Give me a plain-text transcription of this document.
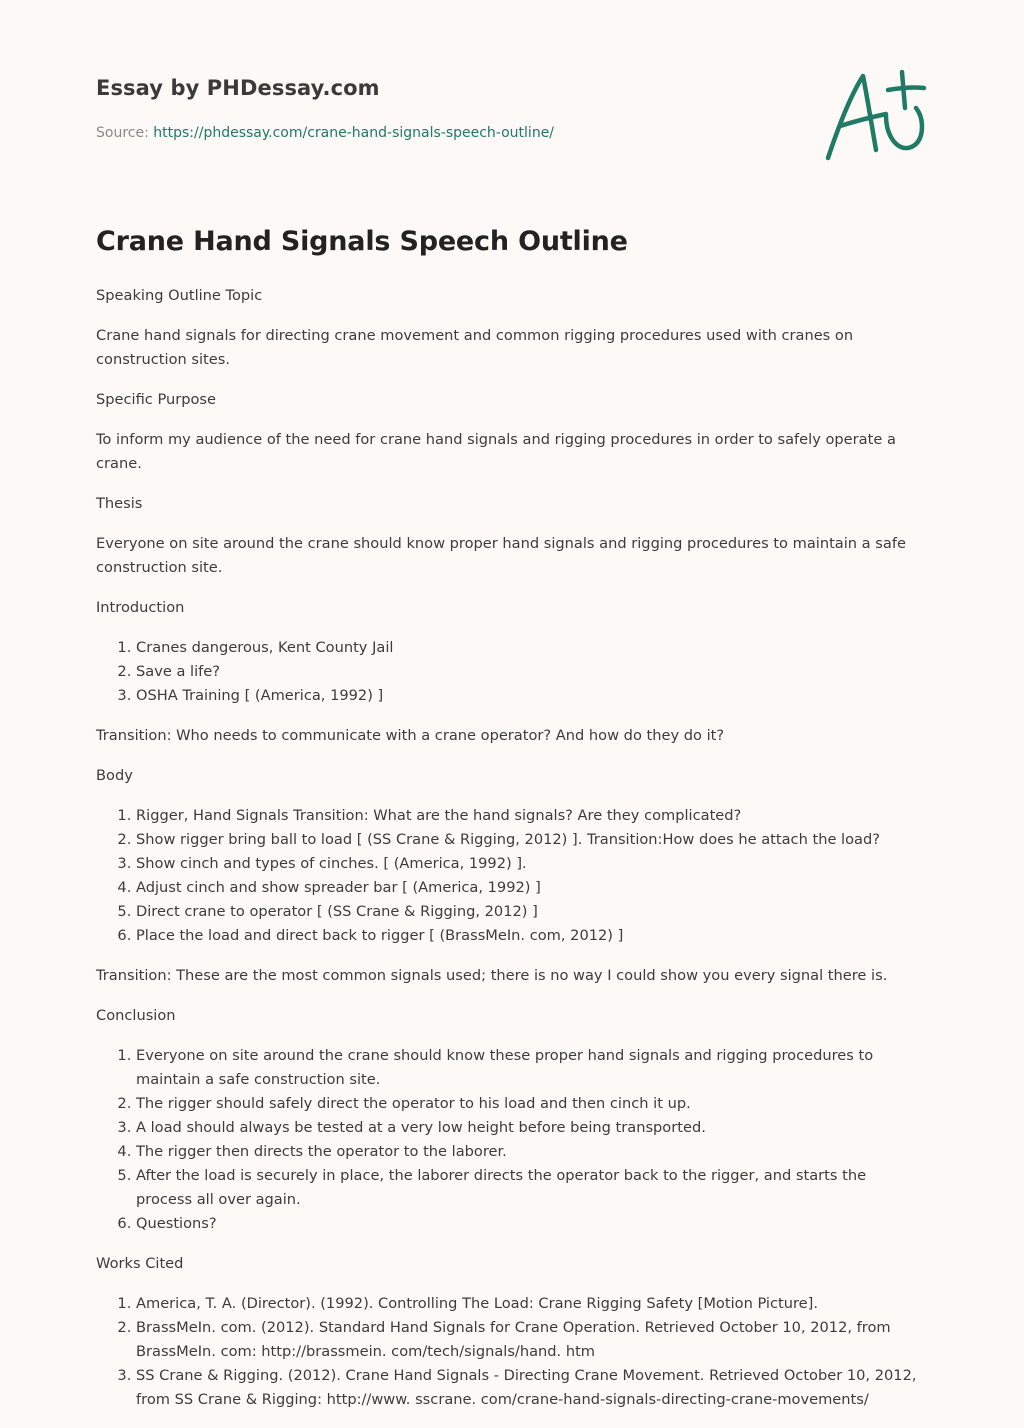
Essay by PHDessay.com
Source: https://phdessay.com/crane-hand-signals-speech-outline/
Crane Hand Signals Speech Outline

Speaking Outline Topic

Crane hand signals for directing crane movement and common rigging procedures used with cranes on construction sites.

Specific Purpose

To inform my audience of the need for crane hand signals and rigging procedures in order to safely operate a crane.

Thesis

Everyone on site around the crane should know proper hand signals and rigging procedures to maintain a safe construction site.

Introduction

1. Cranes dangerous, Kent County Jail
2. Save a life?
3. OSHA Training [ (America, 1992) ]

Transition: Who needs to communicate with a crane operator? And how do they do it?

Body

1. Rigger, Hand Signals Transition: What are the hand signals? Are they complicated?
2. Show rigger bring ball to load [ (SS Crane & Rigging, 2012) ]. Transition:How does he attach the load?
3. Show cinch and types of cinches. [ (America, 1992) ].
4. Adjust cinch and show spreader bar [ (America, 1992) ]
5. Direct crane to operator [ (SS Crane & Rigging, 2012) ]
6. Place the load and direct back to rigger [ (BrassMeIn. com, 2012) ]

Transition: These are the most common signals used; there is no way I could show you every signal there is.

Conclusion

1. Everyone on site around the crane should know these proper hand signals and rigging procedures to maintain a safe construction site.
2. The rigger should safely direct the operator to his load and then cinch it up.
3. A load should always be tested at a very low height before being transported.
4. The rigger then directs the operator to the laborer.
5. After the load is securely in place, the laborer directs the operator back to the rigger, and starts the process all over again.
6. Questions?

Works Cited

1. America, T. A. (Director). (1992). Controlling The Load: Crane Rigging Safety [Motion Picture].
2. BrassMeIn. com. (2012). Standard Hand Signals for Crane Operation. Retrieved October 10, 2012, from BrassMeIn. com: http://brassmein. com/tech/signals/hand. htm
3. SS Crane & Rigging. (2012). Crane Hand Signals - Directing Crane Movement. Retrieved October 10, 2012, from SS Crane & Rigging: http://www. sscrane. com/crane-hand-signals-directing-crane-movements/
